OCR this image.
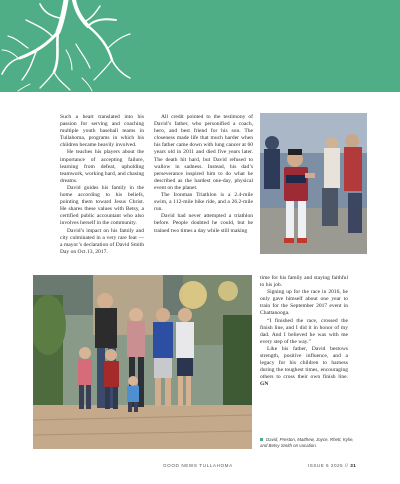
Such a heart translated into his passion for serving and coaching multiple youth baseball teams in Tullahoma, programs in which his children became heavily involved.

He teaches his players about the importance of accepting failure, learning from defeat, upholding teamwork, working hard, and chasing dreams.

David guides his family in the home according to his beliefs, pointing them toward Jesus Christ. He shares these values with Betsy, a certified public accountant who also involves herself in the community.

David’s impact on his family and city culminated in a very rare feat — a mayor’s declaration of David Smith Day on Oct.13, 2017.

All credit pointed to the testimony of David’s father, who personified a coach, hero, and best friend for his son. The closeness made life that much harder when his father came down with lung cancer at 60 years old in 2011 and died five years later. The death hit hard, but David refused to wallow in sadness. Instead, his dad’s perseverance inspired him to do what he described as the hardest one-day, physical event on the planet.

The Ironman Triathlon is a 2.4-mile swim, a 112-mile bike ride, and a 26.2-mile run.

David had never attempted a triathlon before. People doubted he could, but he trained two times a day while still making

time for his family and staying faithful to his job.

Signing up for the race in 2016, he only gave himself about one year to train for the September 2017 event in Chattanooga.

“I finished the race, crossed the finish line, and I did it in honor of my dad. And I believed he was with me every step of the way.”

Like his father, David bestows strength, positive influence, and a legacy for his children to harness during the toughest times, encouraging others to cross their own finish line. GN

David, Preston, Matthew, Joyce, Rhett, Kylie, and Betsy Smith on vacation.
GOOD NEWS TULLAHOMA	ISSUE 6 2025 // 31
